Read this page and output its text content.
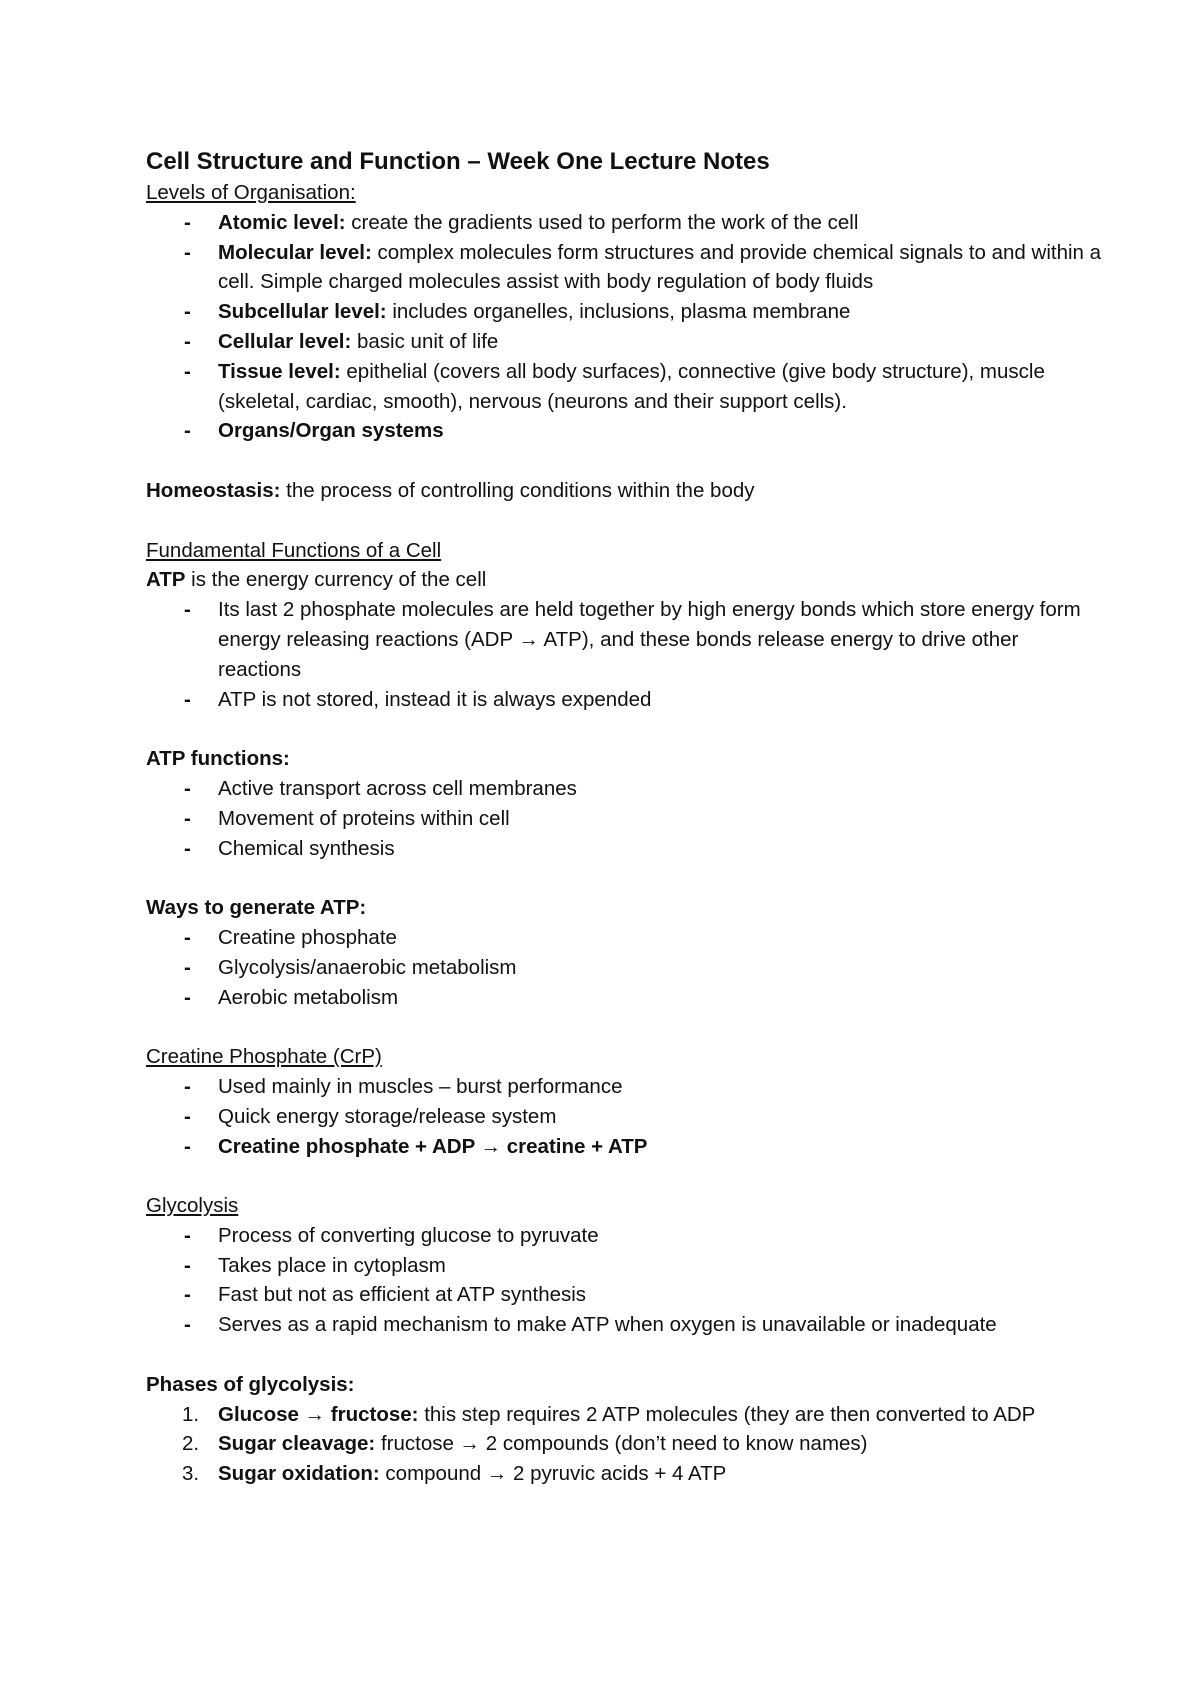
Cell Structure and Function – Week One Lecture Notes

Levels of Organisation:

- Atomic level: create the gradients used to perform the work of the cell
- Molecular level: complex molecules form structures and provide chemical signals to and within a cell. Simple charged molecules assist with body regulation of body fluids
- Subcellular level: includes organelles, inclusions, plasma membrane
- Cellular level: basic unit of life
- Tissue level: epithelial (covers all body surfaces), connective (give body structure), muscle (skeletal, cardiac, smooth), nervous (neurons and their support cells).
- Organs/Organ systems

Homeostasis: the process of controlling conditions within the body

Fundamental Functions of a Cell

ATP is the energy currency of the cell

- Its last 2 phosphate molecules are held together by high energy bonds which store energy form energy releasing reactions (ADP → ATP), and these bonds release energy to drive other reactions
- ATP is not stored, instead it is always expended

ATP functions:

- Active transport across cell membranes
- Movement of proteins within cell
- Chemical synthesis

Ways to generate ATP:

- Creatine phosphate
- Glycolysis/anaerobic metabolism
- Aerobic metabolism

Creatine Phosphate (CrP)

- Used mainly in muscles – burst performance
- Quick energy storage/release system
- Creatine phosphate + ADP → creatine + ATP

Glycolysis

- Process of converting glucose to pyruvate
- Takes place in cytoplasm
- Fast but not as efficient at ATP synthesis
- Serves as a rapid mechanism to make ATP when oxygen is unavailable or inadequate

Phases of glycolysis:

1. Glucose → fructose: this step requires 2 ATP molecules (they are then converted to ADP
2. Sugar cleavage: fructose → 2 compounds (don’t need to know names)
3. Sugar oxidation: compound → 2 pyruvic acids + 4 ATP
